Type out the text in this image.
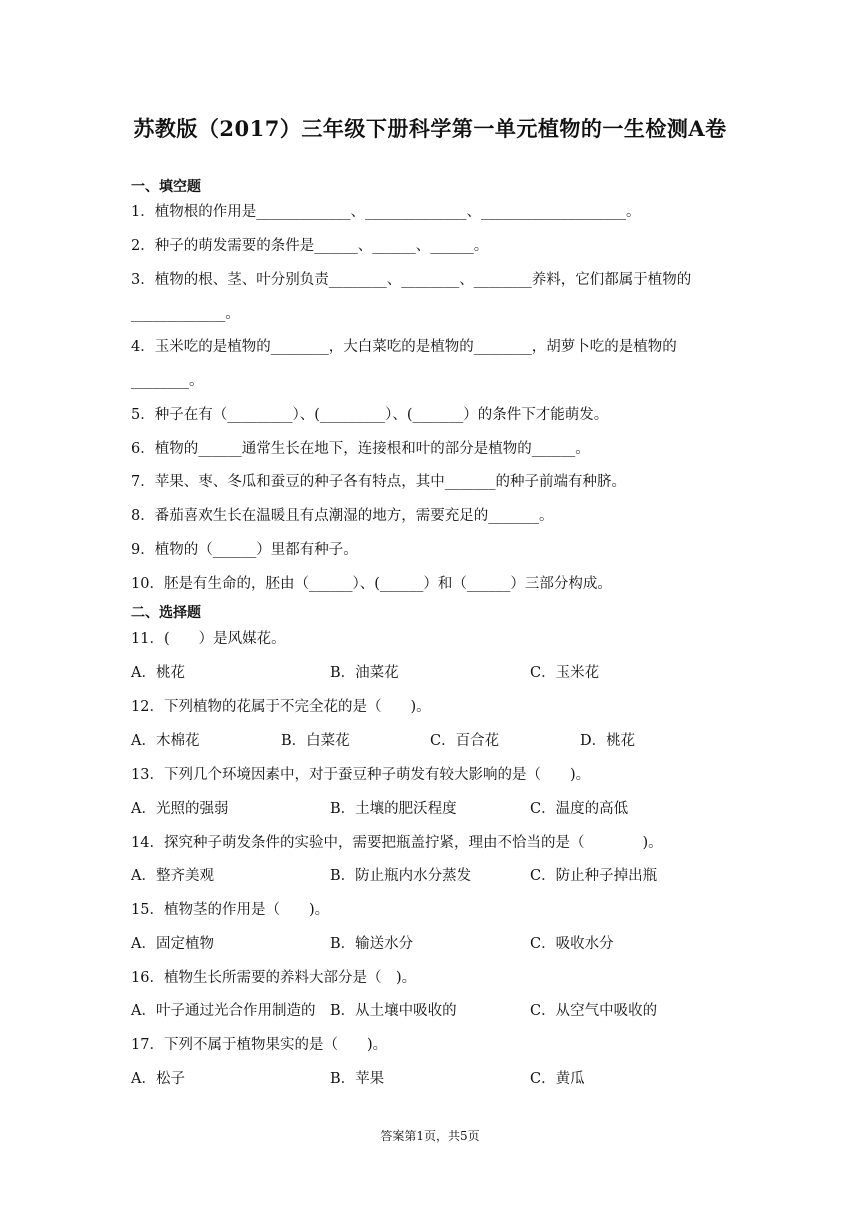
苏教版（2017）三年级下册科学第一单元植物的一生检测A卷
一、填空题
1．植物根的作用是_____________、______________、____________________。
2．种子的萌发需要的条件是______、______、______。
3．植物的根、茎、叶分别负责________、________、________养料，它们都属于植物的
_____________。
4．玉米吃的是植物的________，大白菜吃的是植物的________，胡萝卜吃的是植物的
________。
5．种子在有（_________）、(_________）、(_______）的条件下才能萌发。
6．植物的______通常生长在地下，连接根和叶的部分是植物的______。
7．苹果、枣、冬瓜和蚕豆的种子各有特点，其中_______的种子前端有种脐。
8．番茄喜欢生长在温暖且有点潮湿的地方，需要充足的_______。
9．植物的（______）里都有种子。
10．胚是有生命的，胚由（______）、(______）和（______）三部分构成。
二、选择题
11．(　　）是风媒花。
A．桃花	B．油菜花	C．玉米花
12．下列植物的花属于不完全花的是（　　)。
A．木棉花	B．白菜花	C．百合花	D．桃花
13．下列几个环境因素中，对于蚕豆种子萌发有较大影响的是（　　)。
A．光照的强弱	B．土壤的肥沃程度	C．温度的高低
14．探究种子萌发条件的实验中，需要把瓶盖拧紧，理由不恰当的是（　　　　)。
A．整齐美观	B．防止瓶内水分蒸发	C．防止种子掉出瓶
15．植物茎的作用是（　　)。
A．固定植物	B．输送水分	C．吸收水分
16．植物生长所需要的养料大部分是（　)。
A．叶子通过光合作用制造的 B．从土壤中吸收的	C．从空气中吸收的
17．下列不属于植物果实的是（　　)。
A．松子	B．苹果	C．黄瓜
答案第1页，共5页
